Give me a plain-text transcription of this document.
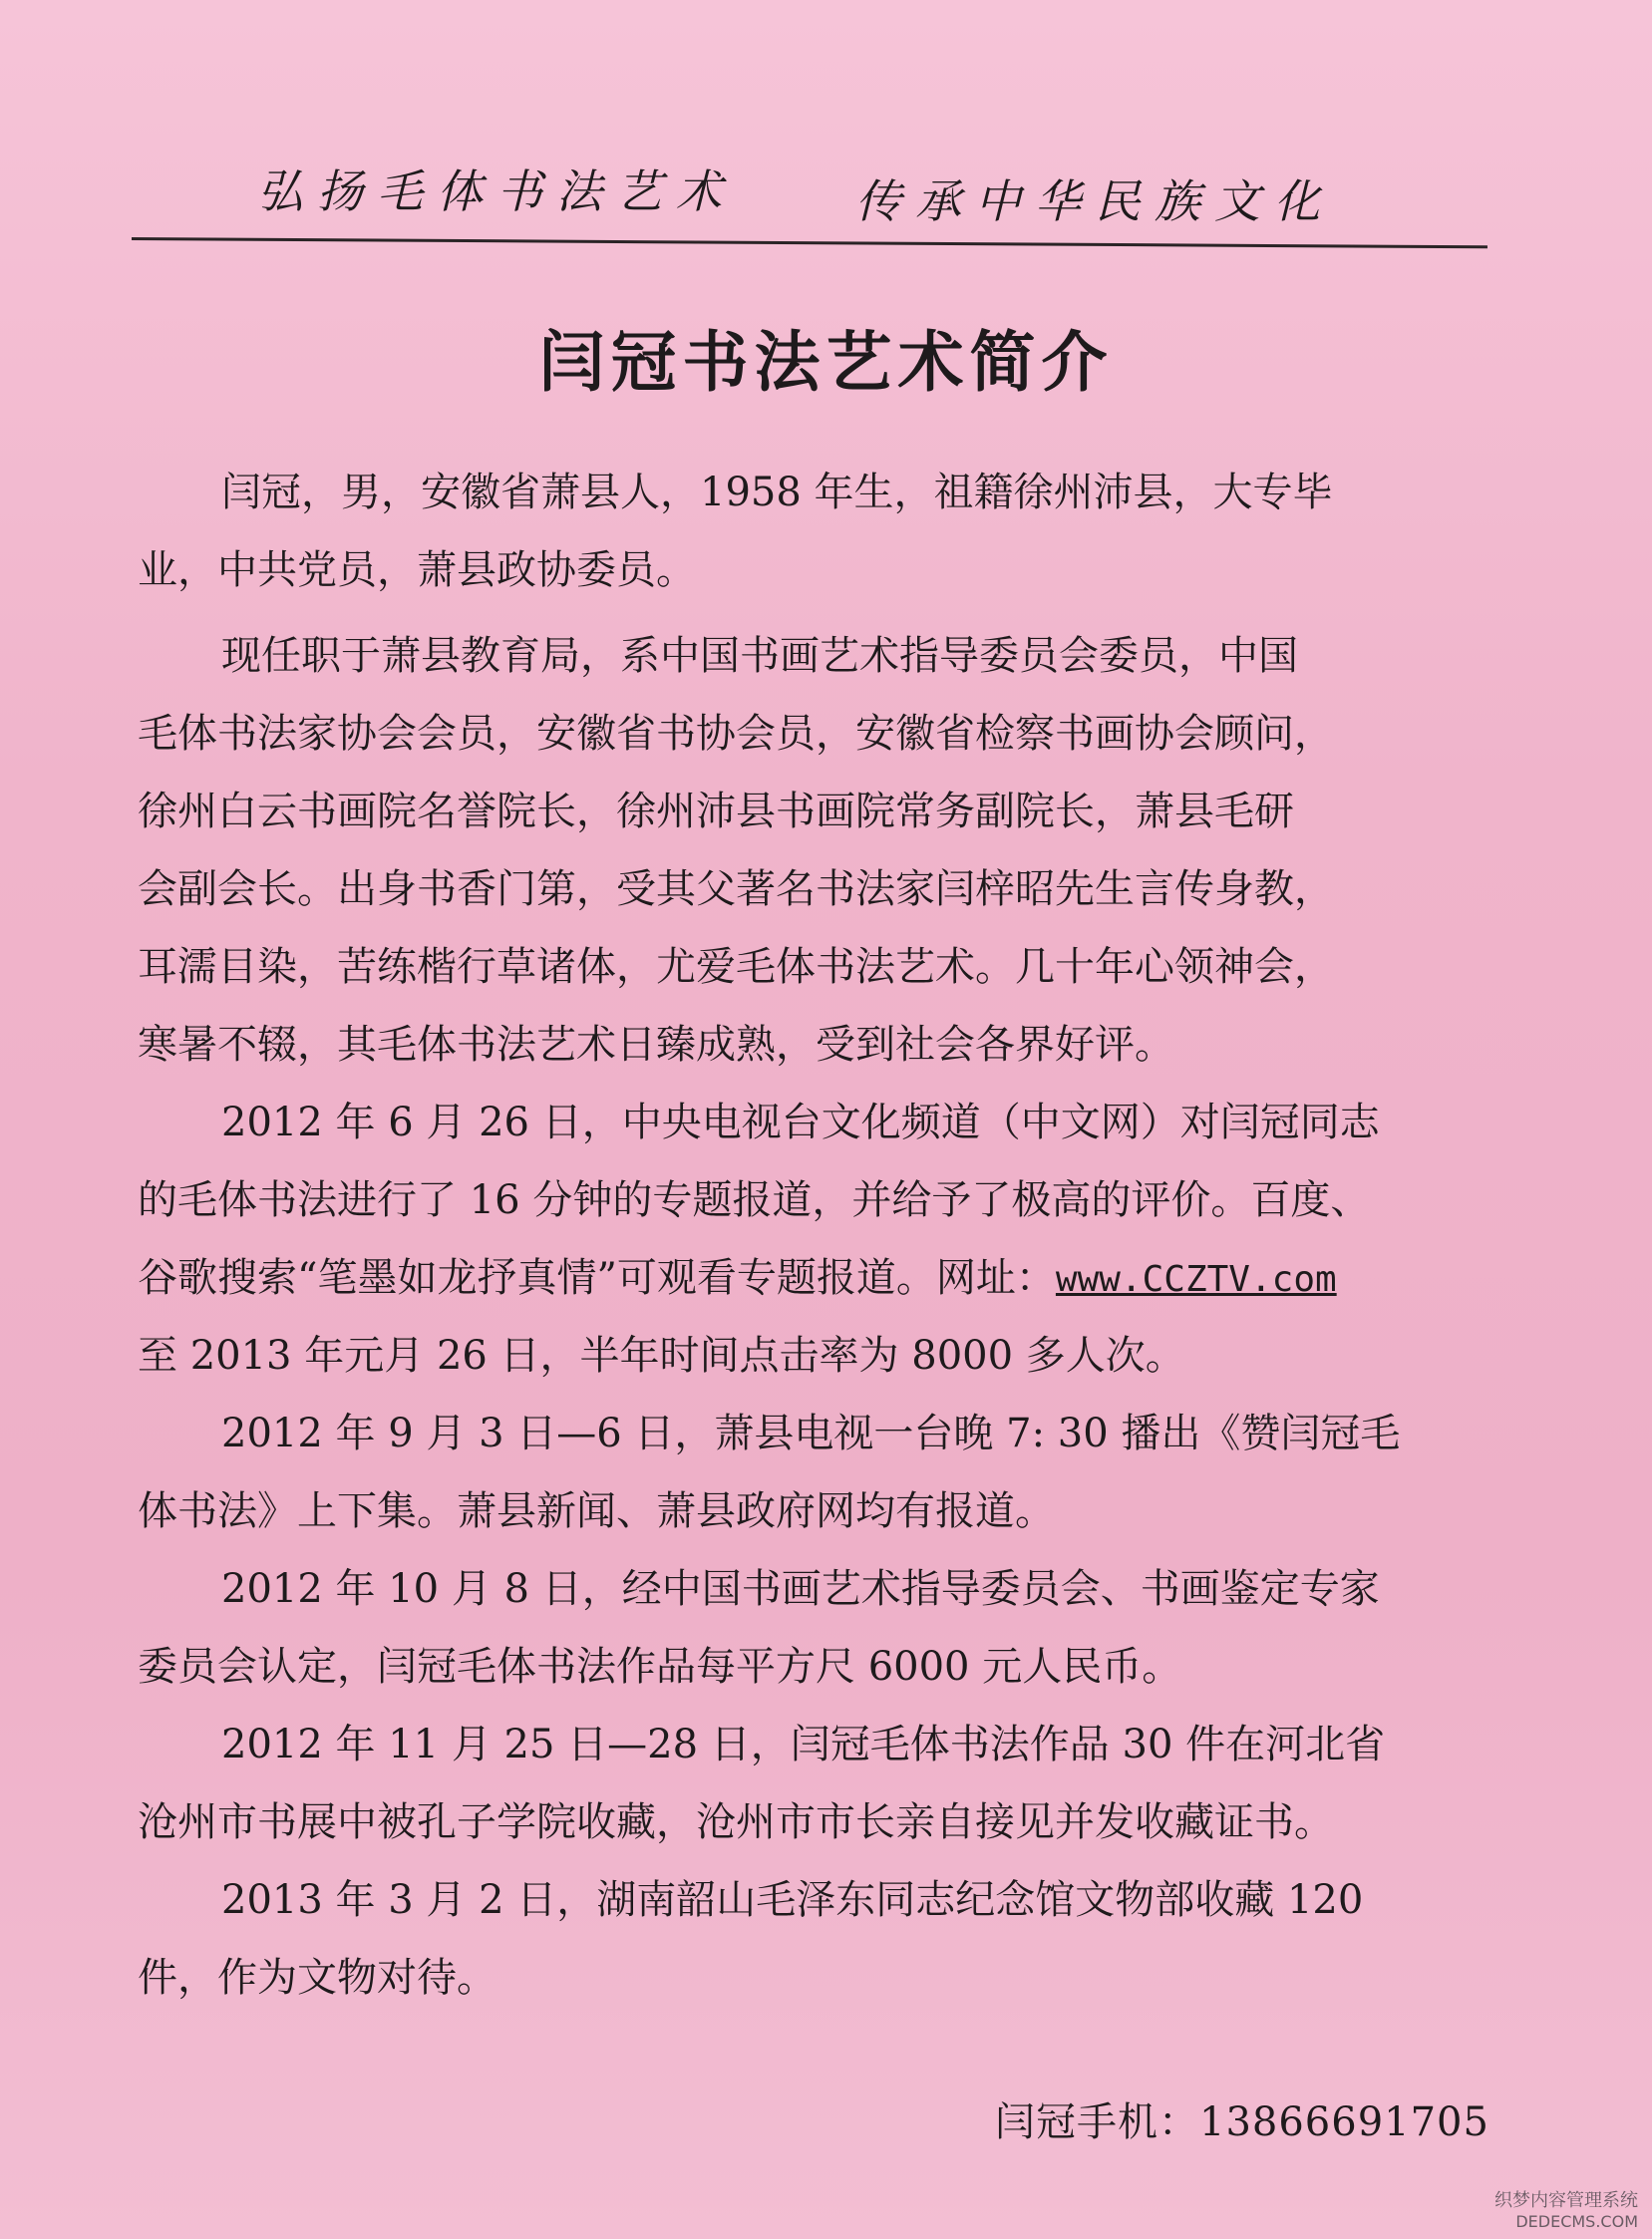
弘扬毛体书法艺术	传承中华民族文化
闫冠书法艺术简介
闫冠，男，安徽省萧县人，1958 年生，祖籍徐州沛县，大专毕
业，中共党员，萧县政协委员。
现任职于萧县教育局，系中国书画艺术指导委员会委员，中国
毛体书法家协会会员，安徽省书协会员，安徽省检察书画协会顾问，
徐州白云书画院名誉院长，徐州沛县书画院常务副院长，萧县毛研
会副会长。出身书香门第，受其父著名书法家闫梓昭先生言传身教，
耳濡目染，苦练楷行草诸体，尤爱毛体书法艺术。几十年心领神会，
寒暑不辍，其毛体书法艺术日臻成熟，受到社会各界好评。
2012 年 6 月 26 日，中央电视台文化频道（中文网）对闫冠同志
的毛体书法进行了 16 分钟的专题报道，并给予了极高的评价。百度、
谷歌搜索“笔墨如龙抒真情”可观看专题报道。网址：www.CCZTV.com
至 2013 年元月 26 日，半年时间点击率为 8000 多人次。
2012 年 9 月 3 日—6 日，萧县电视一台晚 7: 30 播出《赞闫冠毛
体书法》上下集。萧县新闻、萧县政府网均有报道。
2012 年 10 月 8 日，经中国书画艺术指导委员会、书画鉴定专家
委员会认定，闫冠毛体书法作品每平方尺 6000 元人民币。
2012 年 11 月 25 日—28 日，闫冠毛体书法作品 30 件在河北省
沧州市书展中被孔子学院收藏，沧州市市长亲自接见并发收藏证书。
2013 年 3 月 2 日，湖南韶山毛泽东同志纪念馆文物部收藏 120
件，作为文物对待。
闫冠手机：13866691705
织梦内容管理系统
DEDECMS.COM
